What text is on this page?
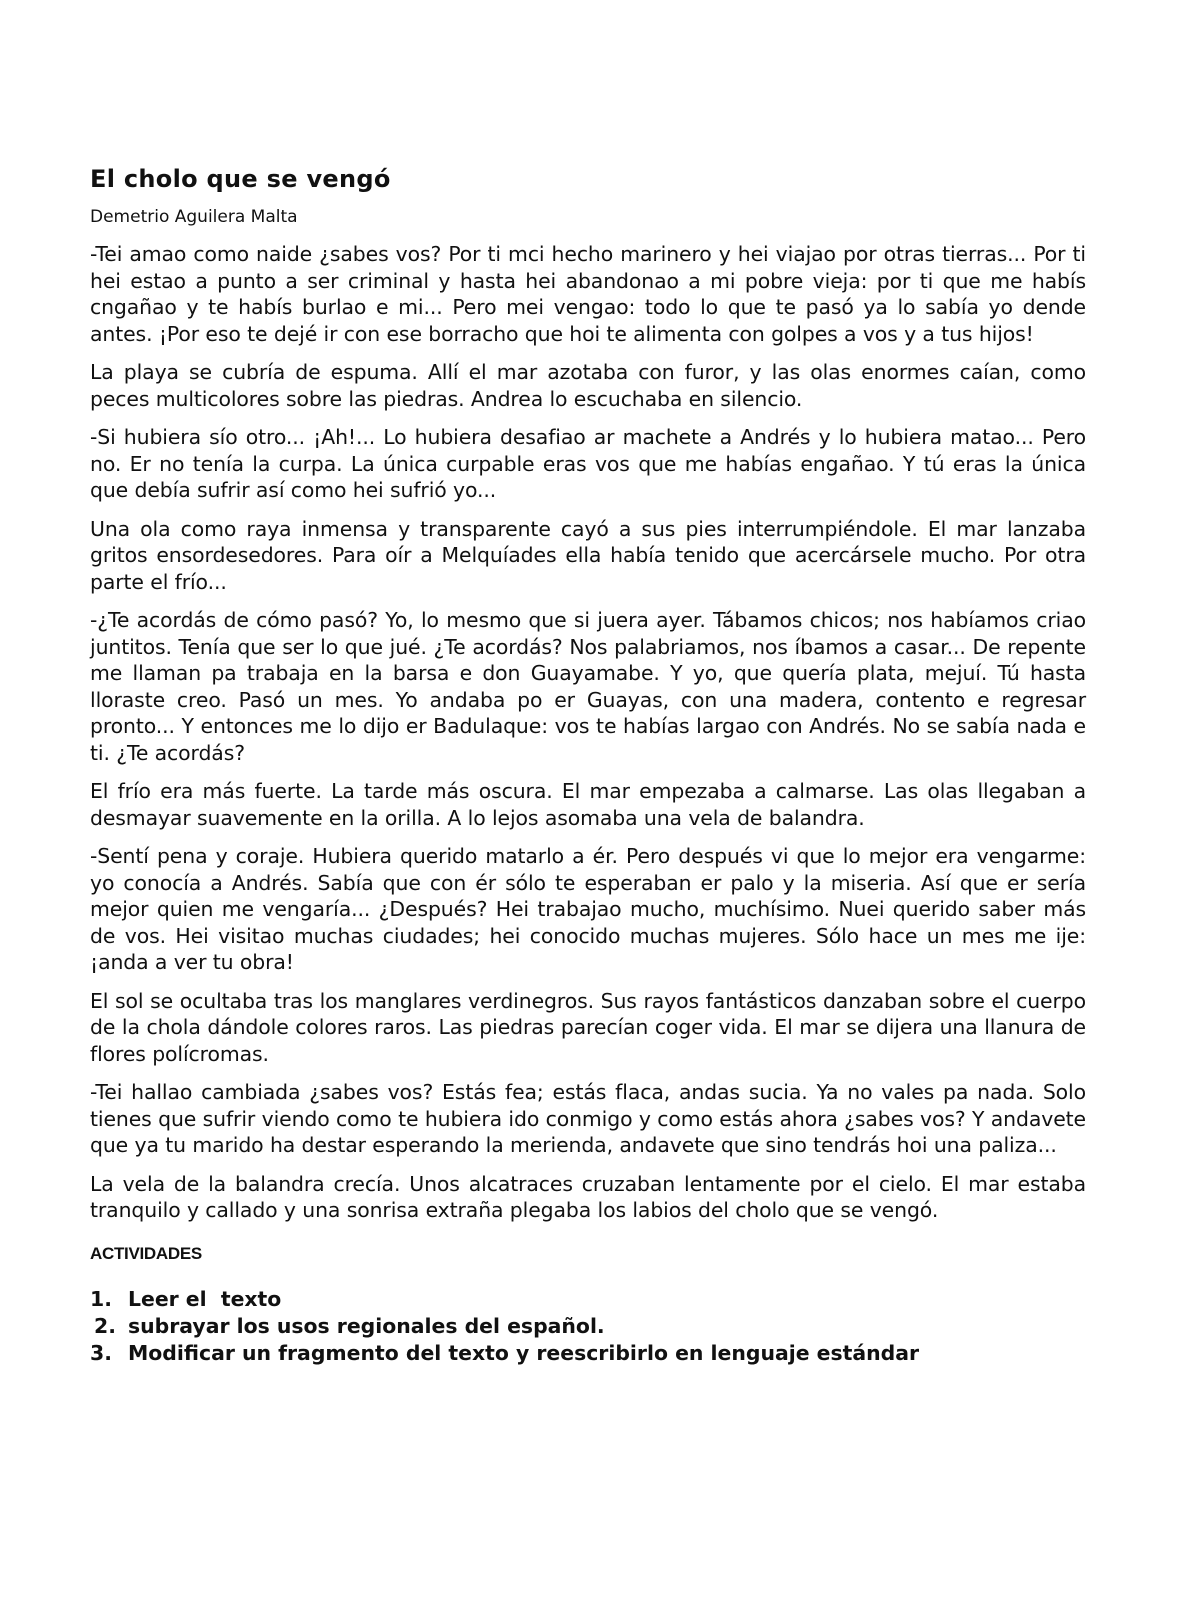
El cholo que se vengó

Demetrio Aguilera Malta

-Tei amao como naide ¿sabes vos? Por ti mci hecho marinero y hei viajao por otras tierras... Por ti hei estao a punto a ser criminal y hasta hei abandonao a mi pobre vieja: por ti que me habís cngañao y te habís burlao e mi... Pero mei vengao: todo lo que te pasó ya lo sabía yo dende antes. ¡Por eso te dejé ir con ese borracho que hoi te alimenta con golpes a vos y a tus hijos!

La playa se cubría de espuma. Allí el mar azotaba con furor, y las olas enormes caían, como peces multicolores sobre las piedras. Andrea lo escuchaba en silencio.

-Si hubiera síо otro... ¡Ah!... Lo hubiera desafiao ar machete a Andrés y lo hubiera matao... Pero no. Er no tenía la curpa. La única curpable eras vos que me habías engañao. Y tú eras la única que debía sufrir así como hei sufrió yo...

Una ola como raya inmensa y transparente cayó a sus pies interrumpiéndole. El mar lanzaba gritos ensordesedores. Para oír a Melquíades ella había tenido que acercársele mucho. Por otra parte el frío...

-¿Te acordás de cómo pasó? Yo, lo mesmo que si juera ayer. Tábamos chicos; nos habíamos criao juntitos. Tenía que ser lo que jué. ¿Te acordás? Nos palabriamos, nos íbamos a casar... De repente me llaman pa trabaja en la barsa e don Guayamabe. Y yo, que quería plata, mejuí. Tú hasta lloraste creo. Pasó un mes. Yo andaba po er Guayas, con una madera, contento e regresar pronto... Y entonces me lo dijo er Badulaque: vos te habías largao con Andrés. No se sabía nada e ti. ¿Te acordás?

El frío era más fuerte. La tarde más oscura. El mar empezaba a calmarse. Las olas llegaban a desmayar suavemente en la orilla. A lo lejos asomaba una vela de balandra.

-Sentí pena y coraje. Hubiera querido matarlo a ér. Pero después vi que lo mejor era vengarme: yo conocía a Andrés. Sabía que con ér sólo te esperaban er palo y la miseria. Así que er sería mejor quien me vengaría... ¿Después? Hei trabajao mucho, muchísimo. Nuei querido saber más de vos. Hei visitao muchas ciudades; hei conocido muchas mujeres. Sólo hace un mes me ije: ¡anda a ver tu obra!

El sol se ocultaba tras los manglares verdinegros. Sus rayos fantásticos danzaban sobre el cuerpo de la chola dándole colores raros. Las piedras parecían coger vida. El mar se dijera una llanura de flores polícromas.

-Tei hallao cambiada ¿sabes vos? Estás fea; estás flaca, andas sucia. Ya no vales pa nada. Solo tienes que sufrir viendo como te hubiera ido conmigo y como estás ahora ¿sabes vos? Y andavete que ya tu marido ha destar esperando la merienda, andavete que sino tendrás hoi una paliza...

La vela de la balandra crecía. Unos alcatraces cruzaban lentamente por el cielo. El mar estaba tranquilo y callado y una sonrisa extraña plegaba los labios del cholo que se vengó.

ACTIVIDADES
1. Leer el  texto
2. subrayar los usos regionales del español.
3. Modificar un fragmento del texto y reescribirlo en lenguaje estándar
